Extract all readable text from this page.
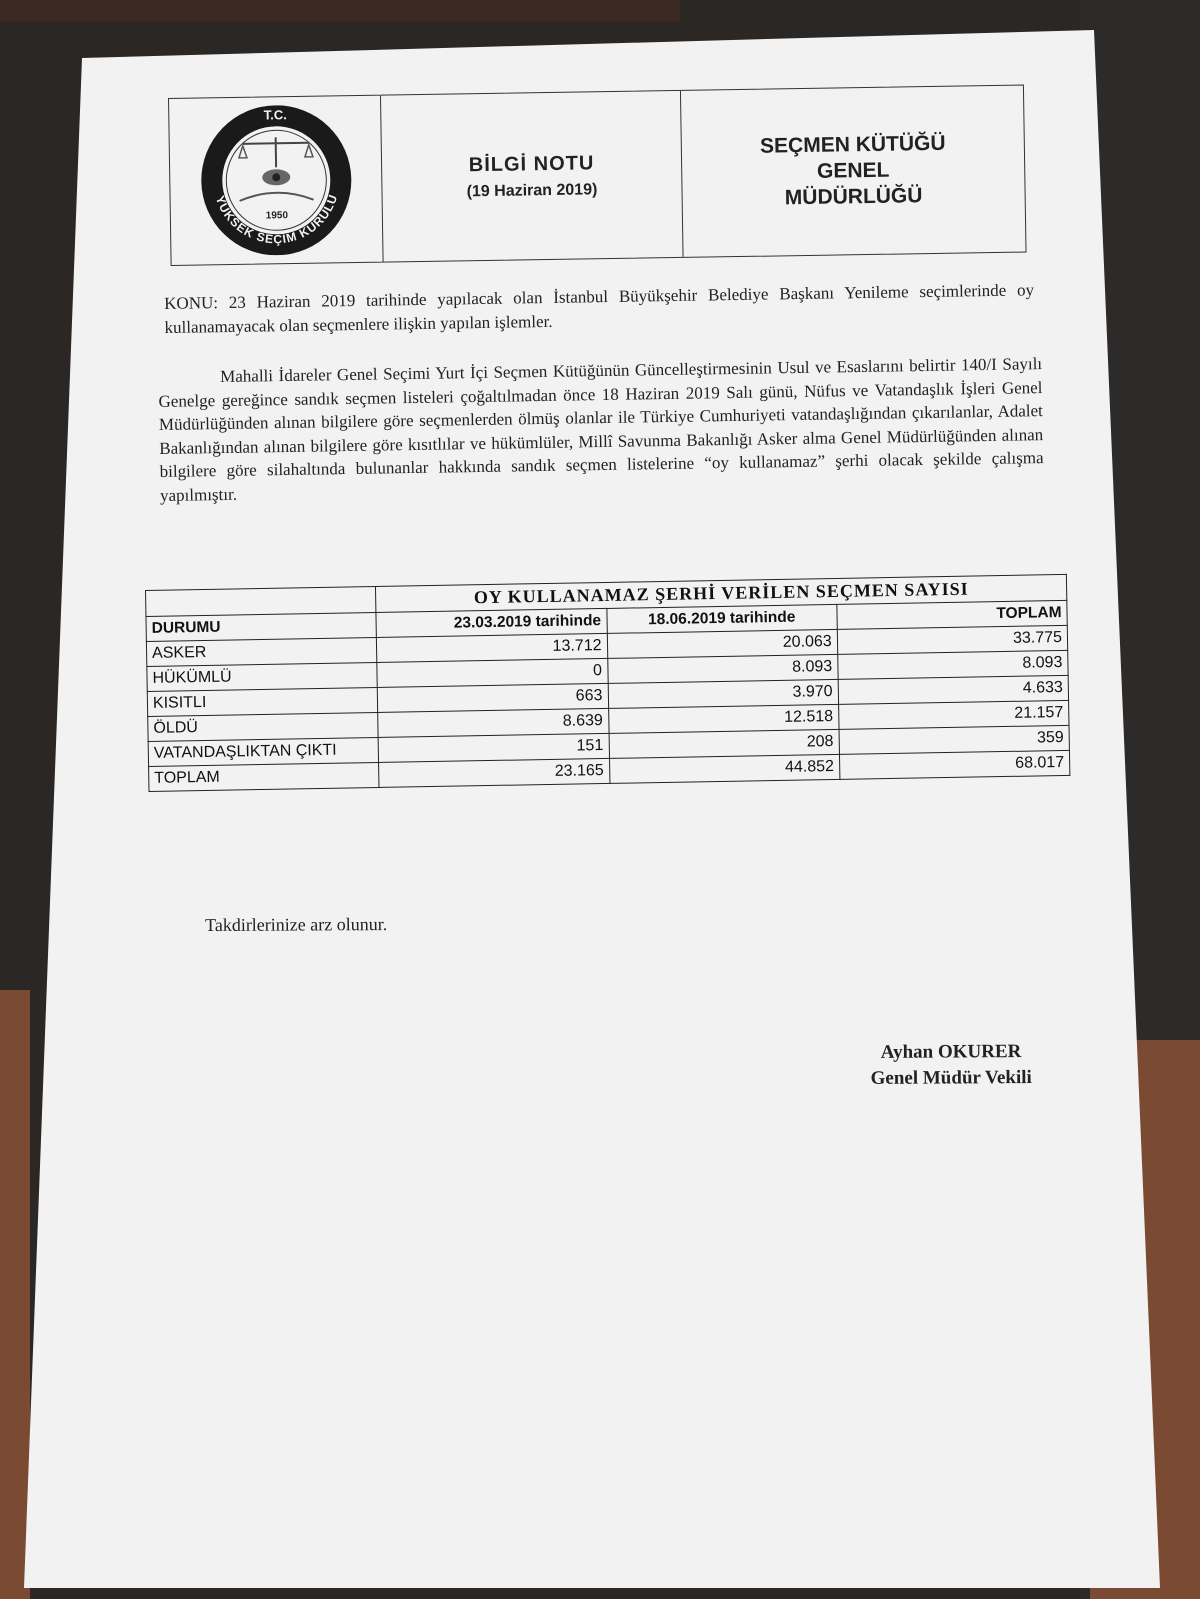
T.C.
YÜKSEK SEÇİM KURULU
1950
BİLGİ NOTU
(19 Haziran 2019)
SEÇMEN KÜTÜĞÜ
GENEL
MÜDÜRLÜĞÜ
KONU: 23 Haziran 2019 tarihinde yapılacak olan İstanbul Büyükşehir Belediye Başkanı Yenileme seçimlerinde oy kullanamayacak olan seçmenlere ilişkin yapılan işlemler.
Mahalli İdareler Genel Seçimi Yurt İçi Seçmen Kütüğünün Güncelleştirmesinin Usul ve Esaslarını belirtir 140/I Sayılı Genelge gereğince sandık seçmen listeleri çoğaltılmadan önce 18 Haziran 2019 Salı günü, Nüfus ve Vatandaşlık İşleri Genel Müdürlüğünden alınan bilgilere göre seçmenlerden ölmüş olanlar ile Türkiye Cumhuriyeti vatandaşlığından çıkarılanlar, Adalet Bakanlığından alınan bilgilere göre kısıtlılar ve hükümlüler, Millî Savunma Bakanlığı Asker alma Genel Müdürlüğünden alınan bilgilere göre silahaltında bulunanlar hakkında sandık seçmen listelerine “oy kullanamaz” şerhi olacak şekilde çalışma yapılmıştır.
	OY KULLANAMAZ ŞERHİ VERİLEN SEÇMEN SAYISI		
DURUMU	23.03.2019 tarihinde	18.06.2019 tarihinde	TOPLAM
ASKER	13.712	20.063	33.775
HÜKÜMLÜ	0	8.093	8.093
KISITLI	663	3.970	4.633
ÖLDÜ	8.639	12.518	21.157
VATANDAŞLIKTAN ÇIKTI	151	208	359
TOPLAM	23.165	44.852	68.017
Takdirlerinize arz olunur.
Ayhan OKURER
Genel Müdür Vekili
